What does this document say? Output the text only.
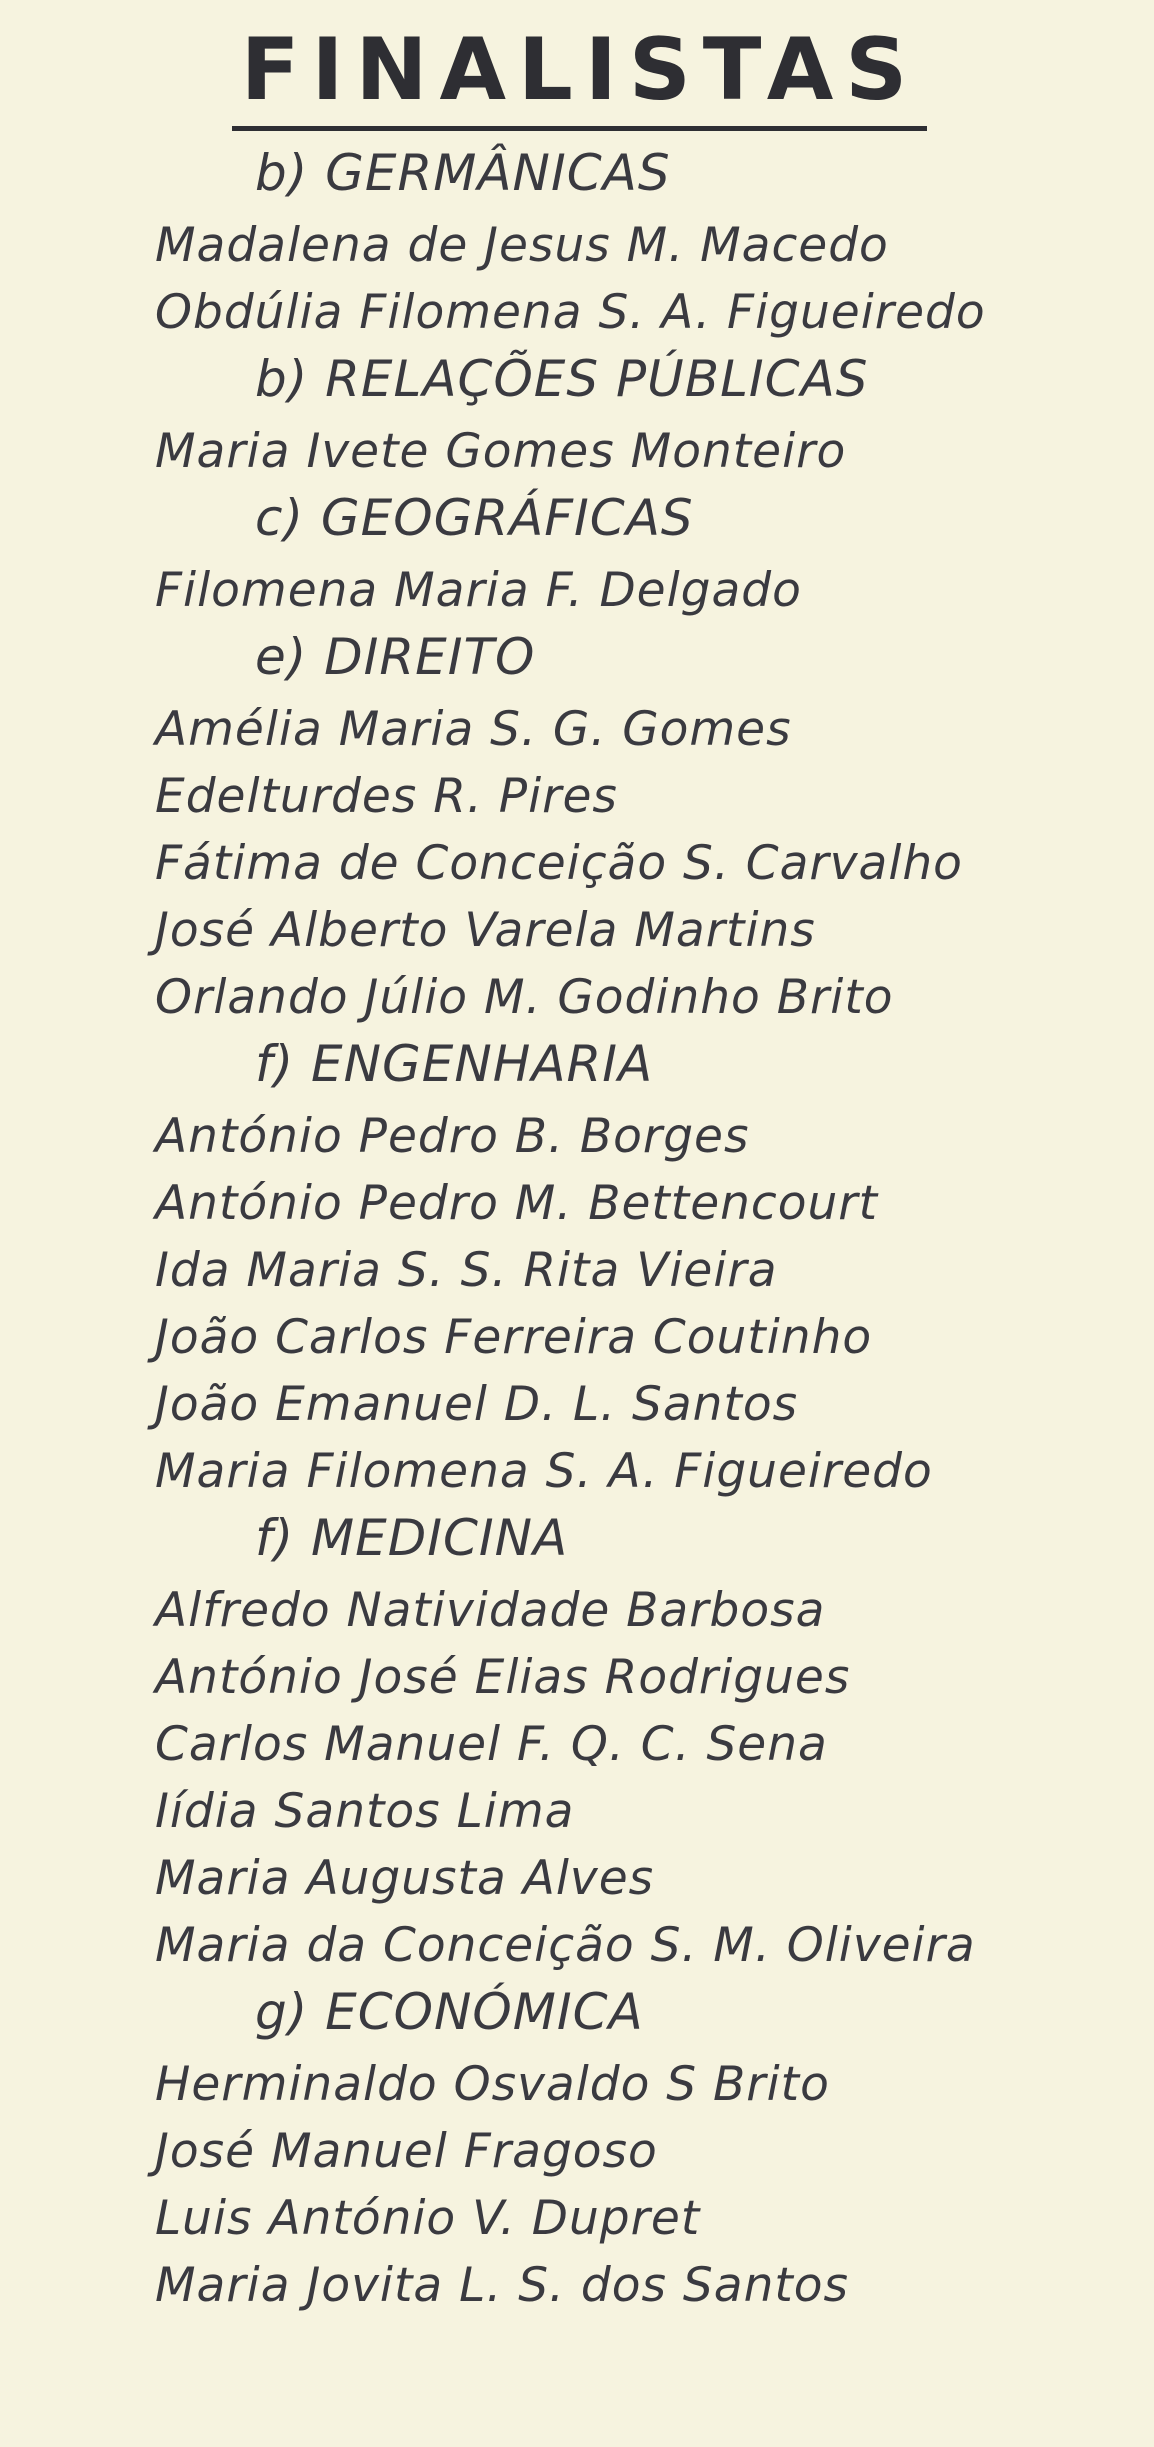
FINALISTAS
b) GERMÂNICAS
Madalena de Jesus M. Macedo
Obdúlia Filomena S. A. Figueiredo
b) RELAÇÕES PÚBLICAS
Maria Ivete Gomes Monteiro
c) GEOGRÁFICAS
Filomena Maria F. Delgado
e) DIREITO
Amélia Maria S. G. Gomes
Edelturdes R. Pires
Fátima de Conceição S. Carvalho
José Alberto Varela Martins
Orlando Júlio M. Godinho Brito
f) ENGENHARIA
António Pedro B. Borges
António Pedro M. Bettencourt
Ida Maria S. S. Rita Vieira
João Carlos Ferreira Coutinho
João Emanuel D. L. Santos
Maria Filomena S. A. Figueiredo
f) MEDICINA
Alfredo Natividade Barbosa
António José Elias Rodrigues
Carlos Manuel F. Q. C. Sena
Iídia Santos Lima
Maria Augusta Alves
Maria da Conceição S. M. Oliveira
g) ECONÓMICA
Herminaldo Osvaldo S Brito
José Manuel Fragoso
Luis António V. Dupret
Maria Jovita L. S. dos Santos
